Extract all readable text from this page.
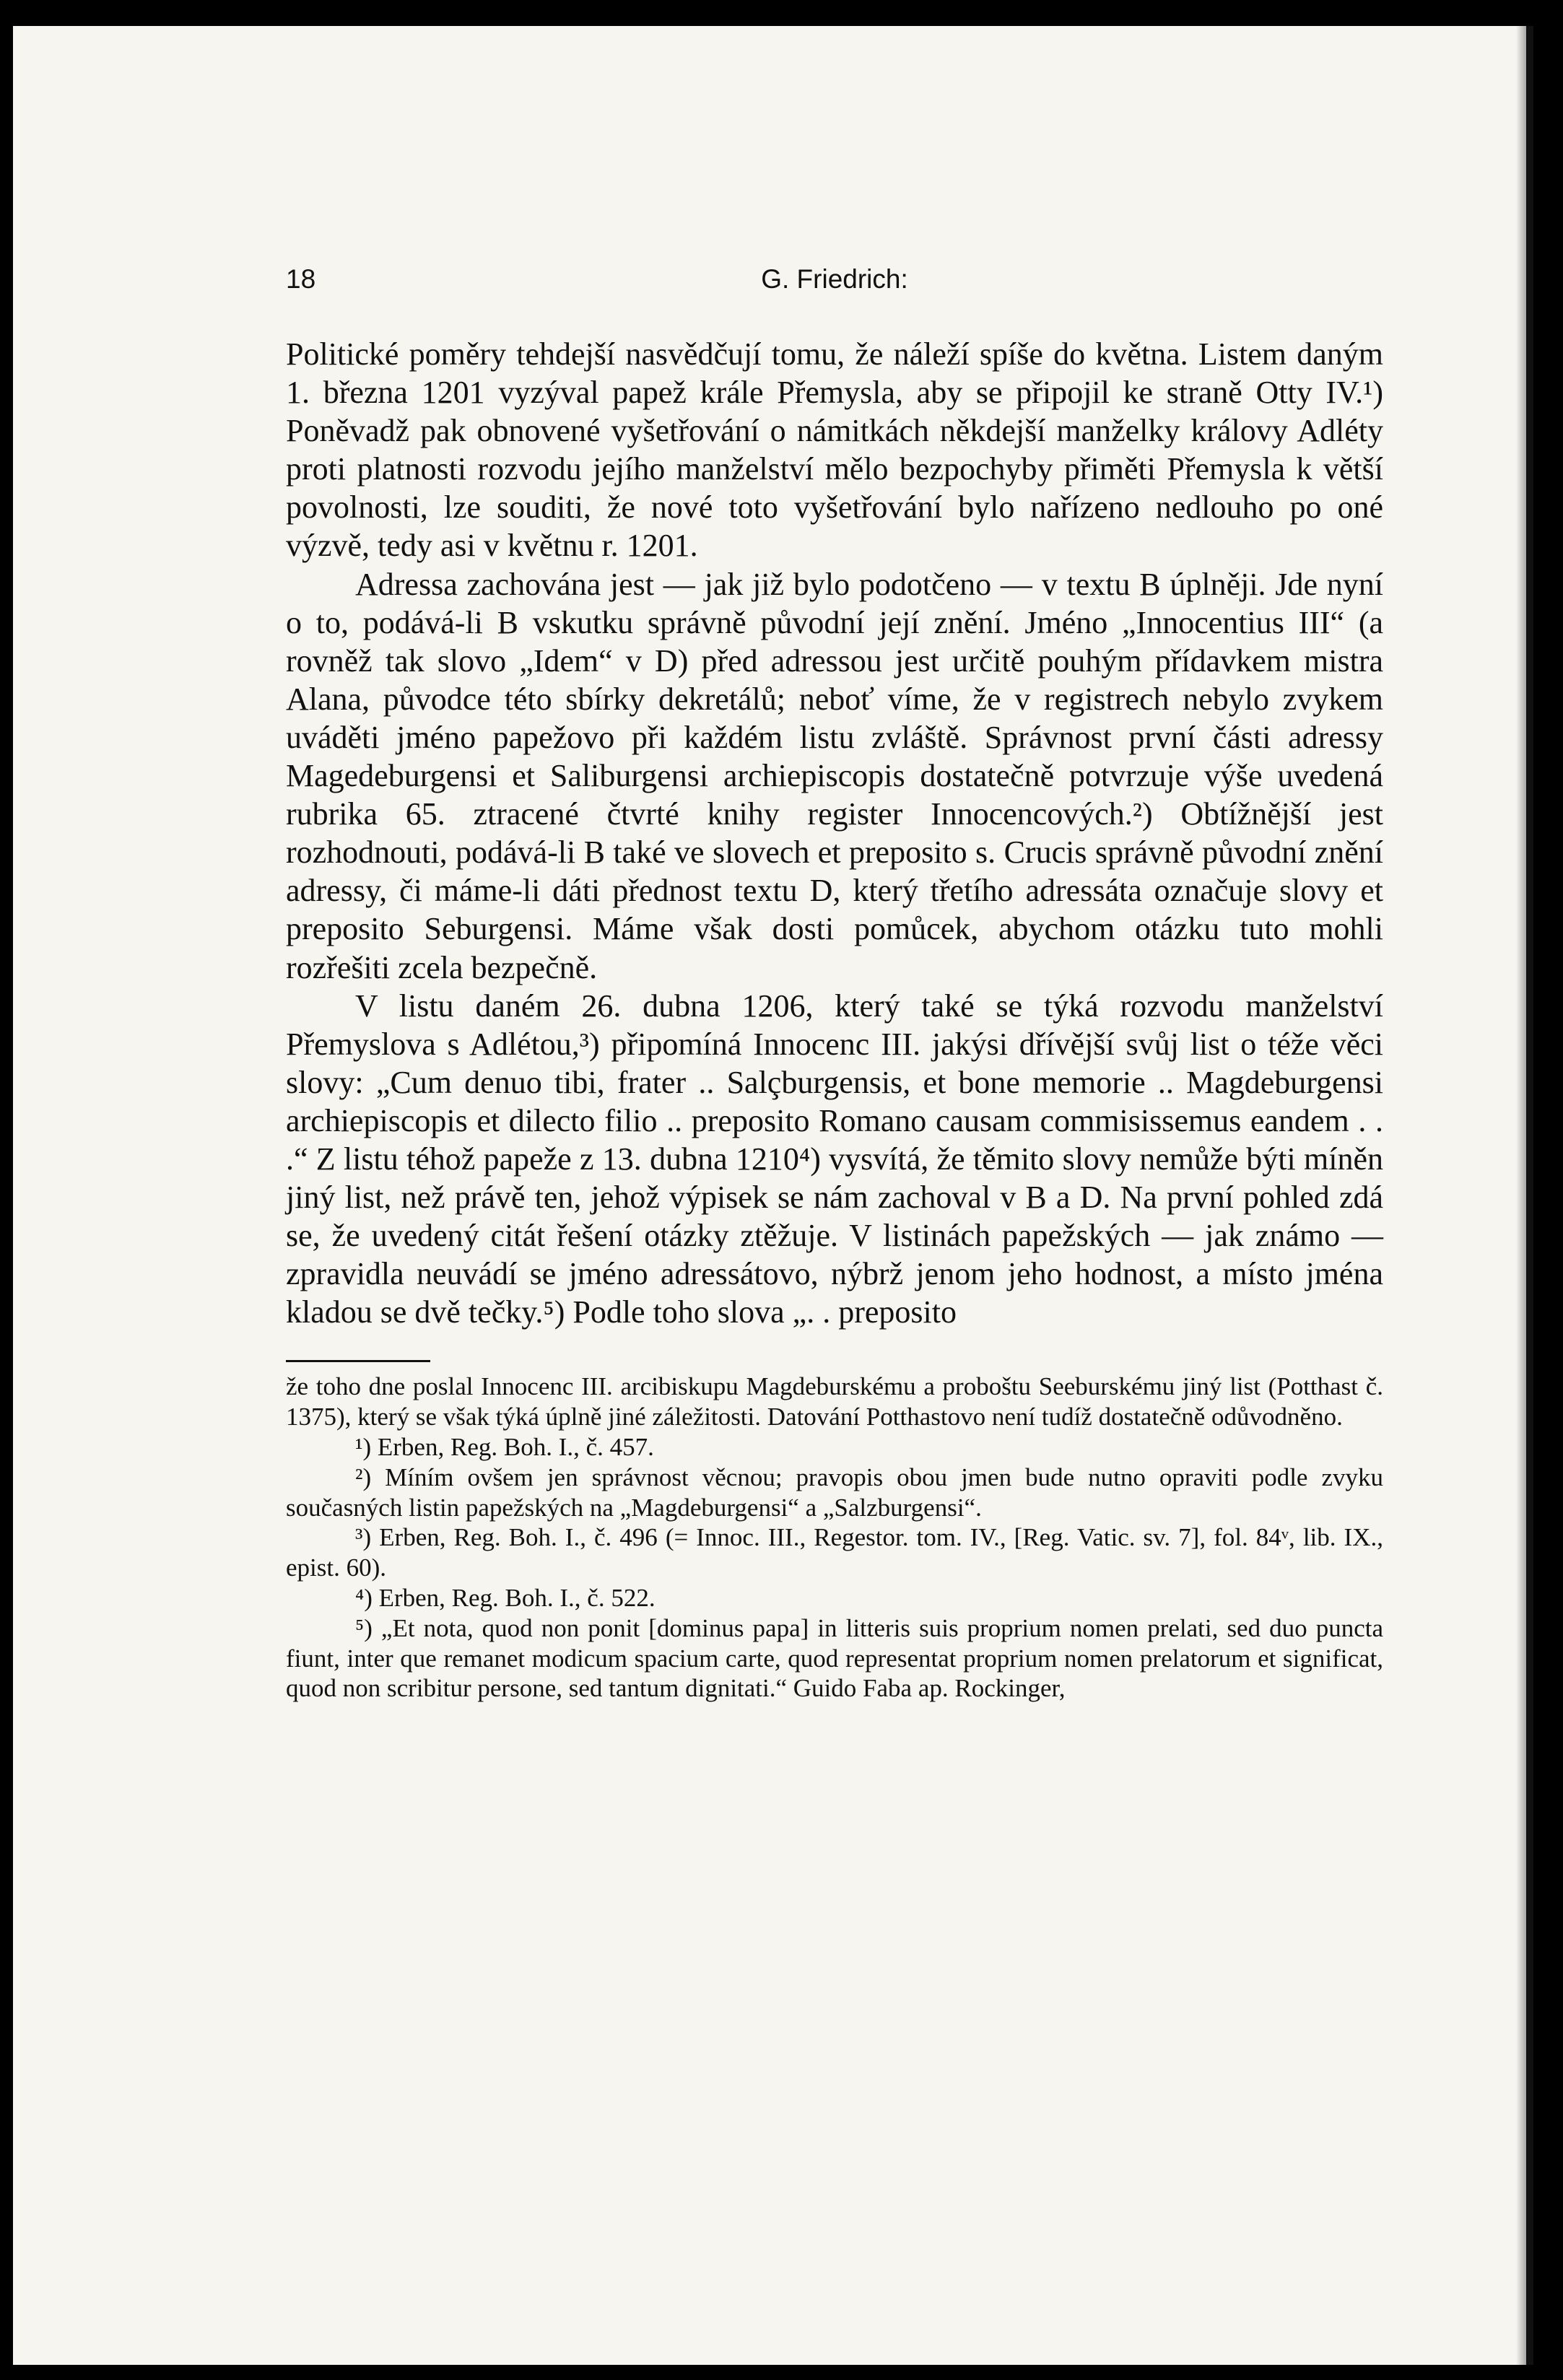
18	G. Friedrich:

Politické poměry tehdejší nasvědčují tomu, že náleží spíše do května. Listem daným 1. března 1201 vyzýval papež krále Přemysla, aby se připojil ke straně Otty IV.¹) Poněvadž pak obnovené vyšetřování o námitkách někdejší manželky královy Adléty proti platnosti rozvodu jejího manželství mělo bezpochyby přiměti Přemysla k větší povolnosti, lze souditi, že nové toto vyšetřování bylo nařízeno nedlouho po oné výzvě, tedy asi v květnu r. 1201.

Adressa zachována jest — jak již bylo podotčeno — v textu B úplněji. Jde nyní o to, podává-li B vskutku správně původní její znění. Jméno „Innocentius III“ (a rovněž tak slovo „Idem“ v D) před adressou jest určitě pouhým přídavkem mistra Alana, původce této sbírky dekretálů; neboť víme, že v registrech nebylo zvykem uváděti jméno papežovo při každém listu zvláště. Správnost první části adressy Magedeburgensi et Saliburgensi archiepiscopis dostatečně potvrzuje výše uvedená rubrika 65. ztracené čtvrté knihy register Innocencových.²) Obtížnější jest rozhodnouti, podává-li B také ve slovech et preposito s. Crucis správně původní znění adressy, či máme-li dáti přednost textu D, který třetího adressáta označuje slovy et preposito Seburgensi. Máme však dosti pomůcek, abychom otázku tuto mohli rozřešiti zcela bezpečně.

V listu daném 26. dubna 1206, který také se týká rozvodu manželství Přemyslova s Adlétou,³) připomíná Innocenc III. jakýsi dřívější svůj list o téže věci slovy: „Cum denuo tibi, frater .. Salçburgensis, et bone memorie .. Magdeburgensi archiepiscopis et dilecto filio .. preposito Romano causam commisissemus eandem . . .“ Z listu téhož papeže z 13. dubna 1210⁴) vysvítá, že těmito slovy nemůže býti míněn jiný list, než právě ten, jehož výpisek se nám zachoval v B a D. Na první pohled zdá se, že uvedený citát řešení otázky ztěžuje. V listinách papežských — jak známo — zpravidla neuvádí se jméno adressátovo, nýbrž jenom jeho hodnost, a místo jména kladou se dvě tečky.⁵) Podle toho slova „. . preposito

že toho dne poslal Innocenc III. arcibiskupu Magdeburskému a proboštu Seeburskému jiný list (Potthast č. 1375), který se však týká úplně jiné záležitosti. Datování Potthastovo není tudíž dostatečně odůvodněno.

¹) Erben, Reg. Boh. I., č. 457.

²) Míním ovšem jen správnost věcnou; pravopis obou jmen bude nutno opraviti podle zvyku současných listin papežských na „Magdeburgensi“ a „Salzburgensi“.

³) Erben, Reg. Boh. I., č. 496 (= Innoc. III., Regestor. tom. IV., [Reg. Vatic. sv. 7], fol. 84ᵛ, lib. IX., epist. 60).

⁴) Erben, Reg. Boh. I., č. 522.

⁵) „Et nota, quod non ponit [dominus papa] in litteris suis proprium nomen prelati, sed duo puncta fiunt, inter que remanet modicum spacium carte, quod representat proprium nomen prelatorum et significat, quod non scribitur persone, sed tantum dignitati.“ Guido Faba ap. Rockinger,
